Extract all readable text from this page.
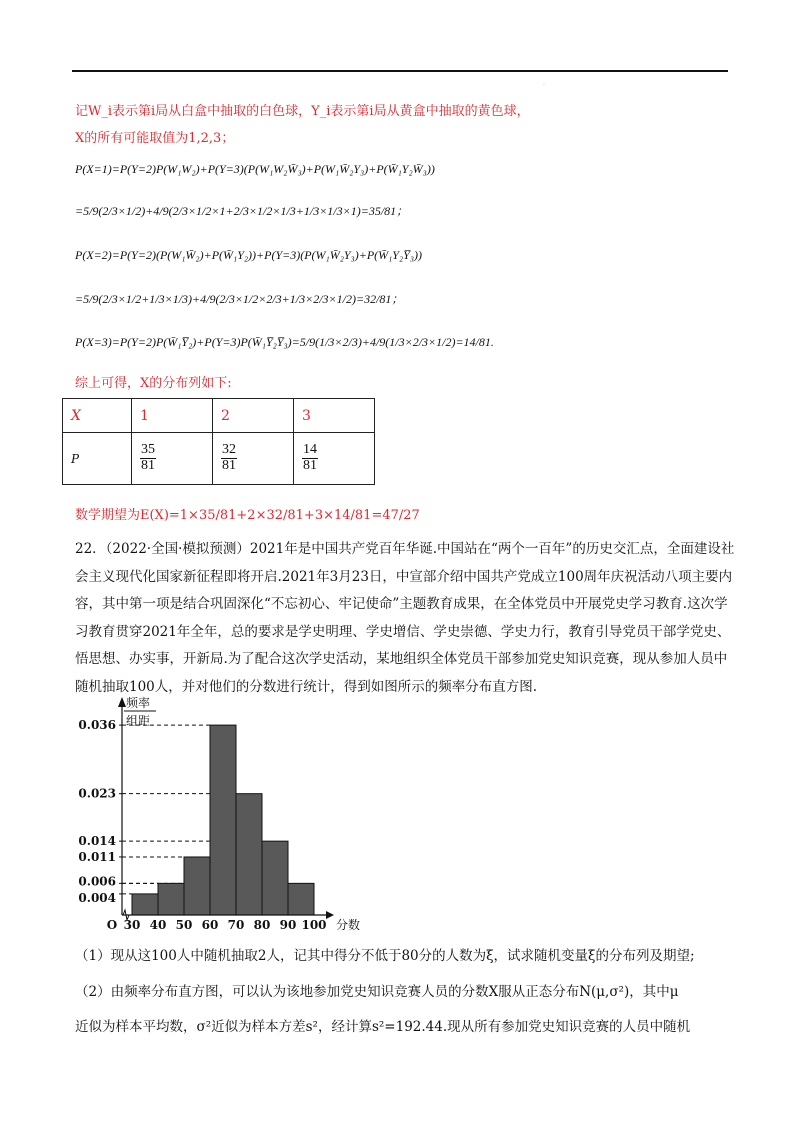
·
记W_i表示第i局从白盒中抽取的白色球，Y_i表示第i局从黄盒中抽取的黄色球，
X的所有可能取值为1,2,3；
P(X=1)=P(Y=2)P(W₁W₂)+P(Y=3)(P(W₁W₂W̄₃)+P(W₁W̄₂Y₃)+P(W̄₁Y₂W̄₃))
=5/9(2/3×1/2)+4/9(2/3×1/2×1+2/3×1/2×1/3+1/3×1/3×1)=35/81；
P(X=2)=P(Y=2)(P(W₁W̄₂)+P(W̄₁Y₂))+P(Y=3)(P(W₁W̄₂Y₃)+P(W̄₁Y₂Y̅₃))
=5/9(2/3×1/2+1/3×1/3)+4/9(2/3×1/2×2/3+1/3×2/3×1/2)=32/81；
P(X=3)=P(Y=2)P(W̄₁Y̅₂)+P(Y=3)P(W̄₁Y̅₂Y̅₃)=5/9(1/3×2/3)+4/9(1/3×2/3×1/2)=14/81.
综上可得，X的分布列如下:
X	1	2	3
P	$\frac{35}{81}$	$\frac{32}{81}$	$\frac{14}{81}$
数学期望为E(X)=1×35/81+2×32/81+3×14/81=47/27
22．（2022·全国·模拟预测）2021年是中国共产党百年华诞.中国站在“两个一百年”的历史交汇点，全面建设社会主义现代化国家新征程即将开启.2021年3月23日，中宣部介绍中国共产党成立100周年庆祝活动八项主要内容，其中第一项是结合巩固深化“不忘初心、牢记使命”主题教育成果，在全体党员中开展党史学习教育.这次学习教育贯穿2021年全年，总的要求是学史明理、学史增信、学史崇德、学史力行，教育引导党员干部学党史、悟思想、办实事，开新局.为了配合这次学史活动，某地组织全体党员干部参加党史知识竞赛，现从参加人员中随机抽取100人，并对他们的分数进行统计，得到如图所示的频率分布直方图.
0.004
0.006
0.011
0.014
0.023
0.036
30 40 50 60 70 80 90 100
O	分数
频率
组距
（1）现从这100人中随机抽取2人，记其中得分不低于80分的人数为ξ，试求随机变量ξ的分布列及期望;
（2）由频率分布直方图，可以认为该地参加党史知识竞赛人员的分数X服从正态分布N(μ,σ²)，其中μ
近似为样本平均数，σ²近似为样本方差s²，经计算s²=192.44.现从所有参加党史知识竞赛的人员中随机
